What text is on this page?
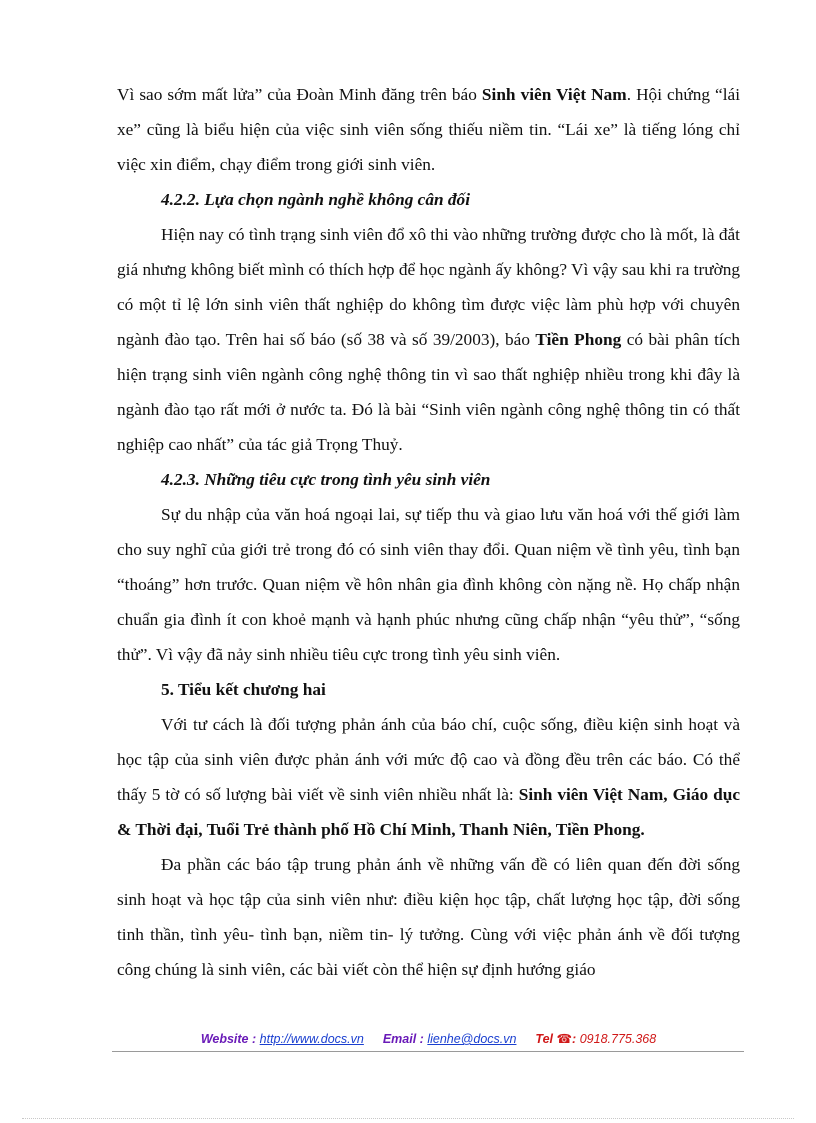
Vì sao sớm mất lửa” của Đoàn Minh đăng trên báo Sinh viên Việt Nam. Hội chứng “lái xe” cũng là biểu hiện của việc sinh viên sống thiếu niềm tin. “Lái xe” là tiếng lóng chỉ việc xin điểm, chạy điểm trong giới sinh viên.

4.2.2. Lựa chọn ngành nghề không cân đối

Hiện nay có tình trạng sinh viên đổ xô thi vào những trường được cho là mốt, là đắt giá nhưng không biết mình có thích hợp để học ngành ấy không? Vì vậy sau khi ra trường có một tỉ lệ lớn sinh viên thất nghiệp do không tìm được việc làm phù hợp với chuyên ngành đào tạo. Trên hai số báo (số 38 và số 39/2003), báo Tiền Phong có bài phân tích hiện trạng sinh viên ngành công nghệ thông tin vì sao thất nghiệp nhiều trong khi đây là ngành đào tạo rất mới ở nước ta. Đó là bài “Sinh viên ngành công nghệ thông tin có thất nghiệp cao nhất” của tác giả Trọng Thuỷ.

4.2.3. Những tiêu cực trong tình yêu sinh viên

Sự du nhập của văn hoá ngoại lai, sự tiếp thu và giao lưu văn hoá với thế giới làm cho suy nghĩ của giới trẻ trong đó có sinh viên thay đổi. Quan niệm về tình yêu, tình bạn “thoáng” hơn trước. Quan niệm về hôn nhân gia đình không còn nặng nề. Họ chấp nhận chuẩn gia đình ít con khoẻ mạnh và hạnh phúc nhưng cũng chấp nhận “yêu thử”, “sống thử”. Vì vậy đã nảy sinh nhiều tiêu cực trong tình yêu sinh viên.

5. Tiểu kết chương hai

Với tư cách là đối tượng phản ánh của báo chí, cuộc sống, điều kiện sinh hoạt và học tập của sinh viên được phản ánh với mức độ cao và đồng đều trên các báo. Có thể thấy 5 tờ có số lượng bài viết về sinh viên nhiều nhất là: Sinh viên Việt Nam, Giáo dục & Thời đại, Tuổi Trẻ thành phố Hồ Chí Minh, Thanh Niên, Tiền Phong.

Đa phần các báo tập trung phản ánh về những vấn đề có liên quan đến đời sống sinh hoạt và học tập của sinh viên như: điều kiện học tập, chất lượng học tập, đời sống tinh thần, tình yêu- tình bạn, niềm tin- lý tưởng. Cùng với việc phản ánh về đối tượng công chúng là sinh viên, các bài viết còn thể hiện sự định hướng giáo

Website : http://www.docs.vn Email : lienhe@docs.vn Tel ☎: 0918.775.368
